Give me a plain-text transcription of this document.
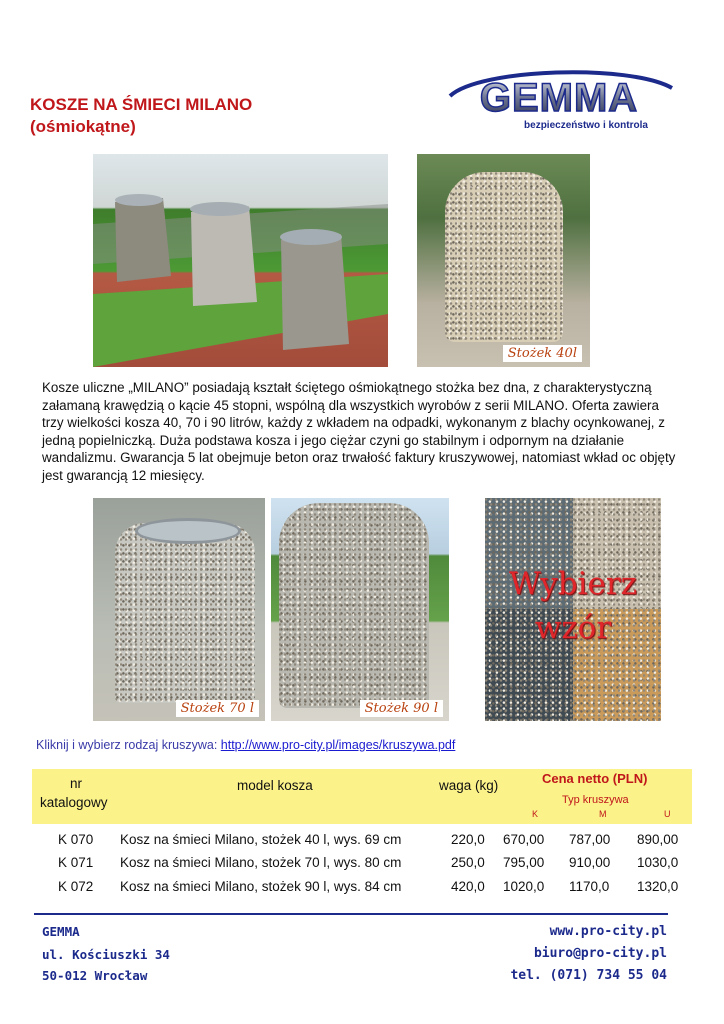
KOSZE NA ŚMIECI MILANO
(ośmiokątne)
GEMMA
bezpieczeństwo i kontrola
Stożek 40l
Kosze uliczne „MILANO” posiadają kształt ściętego ośmiokątnego stożka bez dna, z charakterystyczną załamaną krawędzią o kącie 45 stopni, wspólną dla wszystkich wyrobów z serii MILANO. Oferta zawiera trzy wielkości kosza 40, 70 i 90 litrów, każdy z wkładem na odpadki, wykonanym z blachy ocynkowanej, z jedną popielniczką. Duża podstawa kosza i jego ciężar czyni go stabilnym i odpornym na działanie wandalizmu. Gwarancja 5 lat obejmuje beton oraz trwałość faktury kruszywowej, natomiast wkład oc objęty jest gwarancją 12 miesięcy.
Stożek 70 l	Stożek 90 l
Wybierz
wzór
Kliknij i wybierz rodzaj kruszywa: http://www.pro-city.pl/images/kruszywa.pdf
nr
katalogowy
model kosza	waga (kg)	Cena netto (PLN)
Typ kruszywa
K	M	U
K 070 Kosz na śmieci Milano, stożek 40 l, wys. 69 cm	220,0 670,00 787,00 890,00
K 071 Kosz na śmieci Milano, stożek 70 l, wys. 80 cm	250,0 795,00 910,00 1030,0
K 072 Kosz na śmieci Milano, stożek 90 l, wys. 84 cm	420,0 1020,0 1170,0 1320,0
GEMMA
ul. Kościuszki 34
50-012 Wrocław
www.pro-city.pl
biuro@pro-city.pl
tel. (071) 734 55 04
